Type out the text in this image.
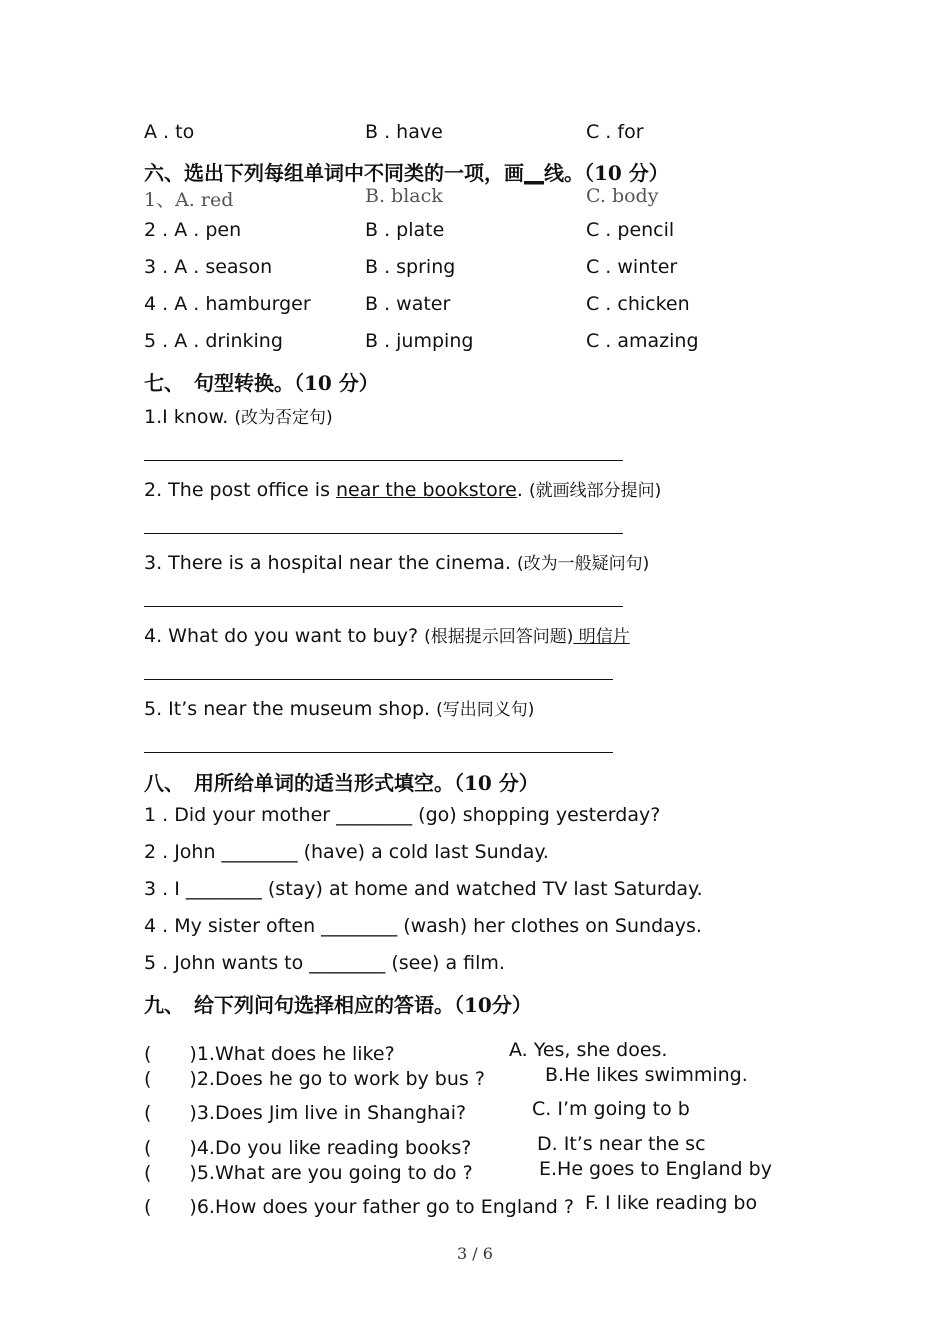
A . to	B . have	C . for
六、选出下列每组单词中不同类的一项，画__线。（10 分）
1、A. red	B. black	C. body
2 . A . pen	B . plate	C . pencil
3 . A . season	B . spring	C . winter
4 . A . hamburger	B . water	C . chicken
5 . A . drinking	B . jumping	C . amazing
七、　句型转换。（10 分）
1.I know. (改为否定句)
2. The post office is near the bookstore. (就画线部分提问)
3. There is a hospital near the cinema. (改为一般疑问句)
4. What do you want to buy? (根据提示回答问题) 明信片
5. It’s near the museum shop. (写出同义句)
八、　用所给单词的适当形式填空。（10 分）
1 . Did your mother ________ (go) shopping yesterday?
2 . John ________ (have) a cold last Sunday.
3 . I ________ (stay) at home and watched TV last Saturday.
4 . My sister often ________ (wash) her clothes on Sundays.
5 . John wants to ________ (see) a film.
九、　给下列问句选择相应的答语。（10分）
(　　)1.What does he like?	A. Yes, she does.
(　　)2.Does he go to work by bus ?	B.He likes swimming.
(　　)3.Does Jim live in Shanghai?	C. I’m going to b
(　　)4.Do you like reading books?	D. It’s near the sc
(　　)5.What are you going to do ?	E.He goes to England by
(　　)6.How does your father go to England ? F. I like reading bo
3 / 6
